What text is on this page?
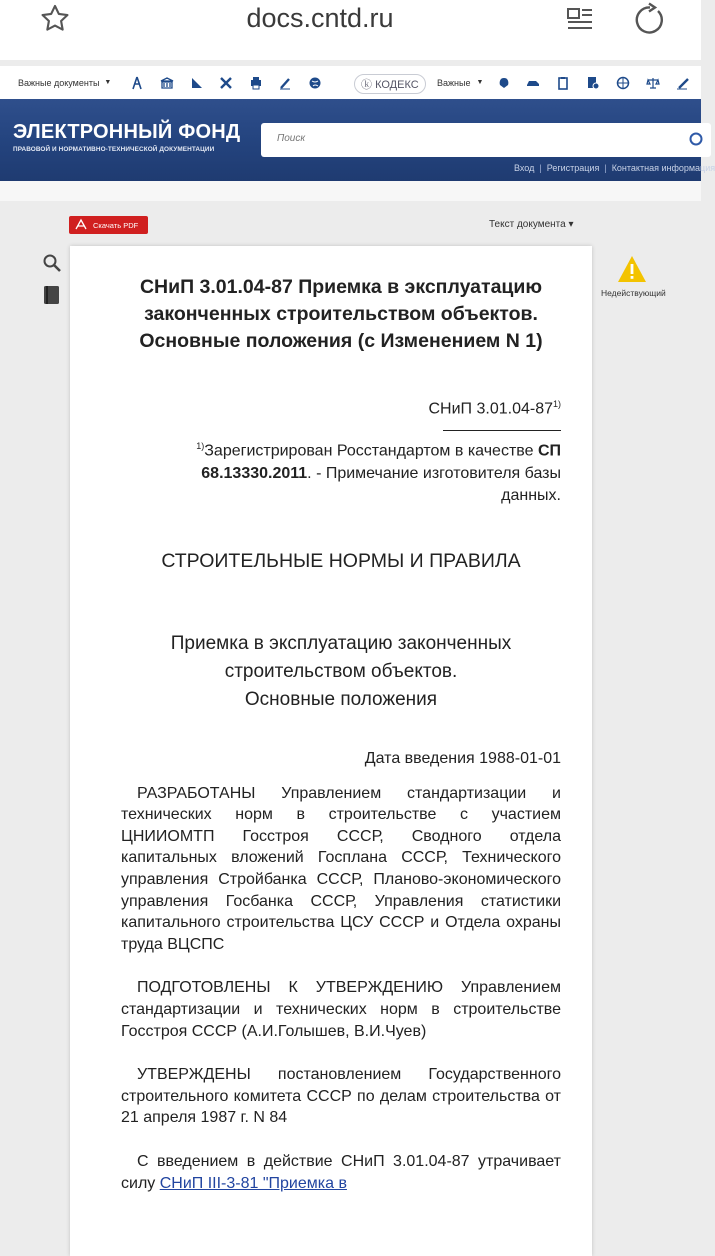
docs.cntd.ru
Важные документы ▼	ⓚ КОДЕКС	Важные ▼
ЭЛЕКТРОННЫЙ ФОНД
ПРАВОВОЙ И НОРМАТИВНО-ТЕХНИЧЕСКОЙ ДОКУМЕНТАЦИИ
Поиск
Вход | Регистрация | Контактная информация
Скачать PDF	Текст документа ▾
Недействующий
СНиП 3.01.04-87 Приемка в эксплуатацию законченных строительством объектов. Основные положения (с Изменением N 1)
СНиП 3.01.04-87$^{1)}$
$^{1)}$Зарегистрирован Росстандартом в качестве СП 68.13330.2011. - Примечание изготовителя базы данных.
СТРОИТЕЛЬНЫЕ НОРМЫ И ПРАВИЛА
Приемка в эксплуатацию законченных строительством объектов.
Основные положения
Дата введения 1988-01-01

РАЗРАБОТАНЫ Управлением стандартизации и технических норм в строительстве с участием ЦНИИОМТП Госстроя СССР, Сводного отдела капитальных вложений Госплана СССР, Технического управления Стройбанка СССР, Планово-экономического управления Госбанка СССР, Управления статистики капитального строительства ЦСУ СССР и Отдела охраны труда ВЦСПС

ПОДГОТОВЛЕНЫ К УТВЕРЖДЕНИЮ Управлением стандартизации и технических норм в строительстве Госстроя СССР (А.И.Голышев, В.И.Чуев)

УТВЕРЖДЕНЫ постановлением Государственного строительного комитета СССР по делам строительства от 21 апреля 1987 г. N 84

С введением в действие СНиП 3.01.04-87 утрачивает силу СНиП III-3-81 "Приемка в
